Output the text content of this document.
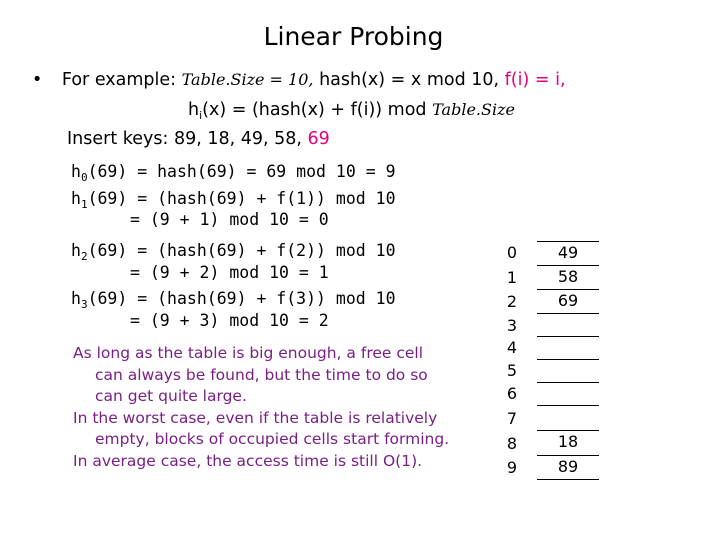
Linear Probing
• For example: Table.Size = 10, hash(x) = x mod 10, f(i) = i,
$h_i(x)$ = (hash(x) + f(i)) mod Table.Size
Insert keys: 89, 18, 49, 58, 69
$h_0(69)$ = hash(69) = 69 mod 10 = 9
$h_1(69)$ = (hash(69) + f(1)) mod 10
= (9 + 1) mod 10 = 0
$h_2(69)$ = (hash(69) + f(2)) mod 10
= (9 + 2) mod 10 = 1
$h_3(69)$ = (hash(69) + f(3)) mod 10
= (9 + 3) mod 10 = 2
As long as the table is big enough, a free cell
can always be found, but the time to do so
can get quite large.
In the worst case, even if the table is relatively
empty, blocks of occupied cells start forming.
In average case, the access time is still O(1).
0
1
2
3
4
5
6
7
8
9
49
58
69
18
89
